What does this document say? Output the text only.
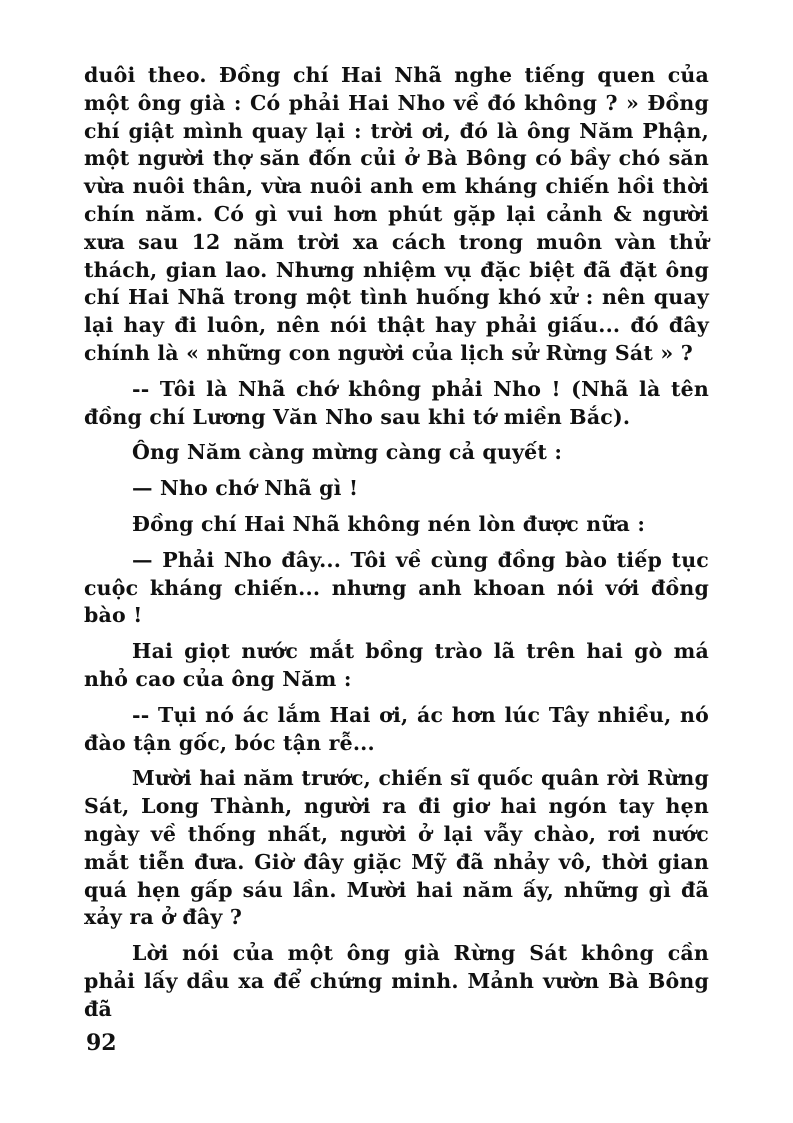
duôi theo. Đồng chí Hai Nhã nghe tiếng quen của một ông già : Có phải Hai Nho về đó không ? » Đồng chí giật mình quay lại : trời ơi, đó là ông Năm Phận, một người thợ săn đốn củi ở Bà Bông có bầy chó săn vừa nuôi thân, vừa nuôi anh em kháng chiến hồi thời chín năm. Có gì vui hơn phút gặp lại cảnh & người xưa sau 12 năm trời xa cách trong muôn vàn thử thách, gian lao. Nhưng nhiệm vụ đặc biệt đã đặt ông chí Hai Nhã trong một tình huống khó xử : nên quay lại hay đi luôn, nên nói thật hay phải giấu... đó đây chính là « những con người của lịch sử Rừng Sát » ?

-- Tôi là Nhã chớ không phải Nho ! (Nhã là tên đồng chí Lương Văn Nho sau khi tớ miền Bắc).

Ông Năm càng mừng càng cả quyết :

— Nho chớ Nhã gì !

Đồng chí Hai Nhã không nén lòn được nữa :

— Phải Nho đây... Tôi về cùng đồng bào tiếp tục cuộc kháng chiến... nhưng anh khoan nói với đồng bào !

Hai giọt nước mắt bồng trào lã trên hai gò má nhỏ cao của ông Năm :

-- Tụi nó ác lắm Hai ơi, ác hơn lúc Tây nhiều, nó đào tận gốc, bóc tận rễ...

Mười hai năm trước, chiến sĩ quốc quân rời Rừng Sát, Long Thành, người ra đi giơ hai ngón tay hẹn ngày về thống nhất, người ở lại vẫy chào, rơi nước mắt tiễn đưa. Giờ đây giặc Mỹ đã nhảy vô, thời gian quá hẹn gấp sáu lần. Mười hai năm ấy, những gì đã xảy ra ở đây ?

Lời nói của một ông già Rừng Sát không cần phải lấy dầu xa để chứng minh. Mảnh vườn Bà Bông đã

92
